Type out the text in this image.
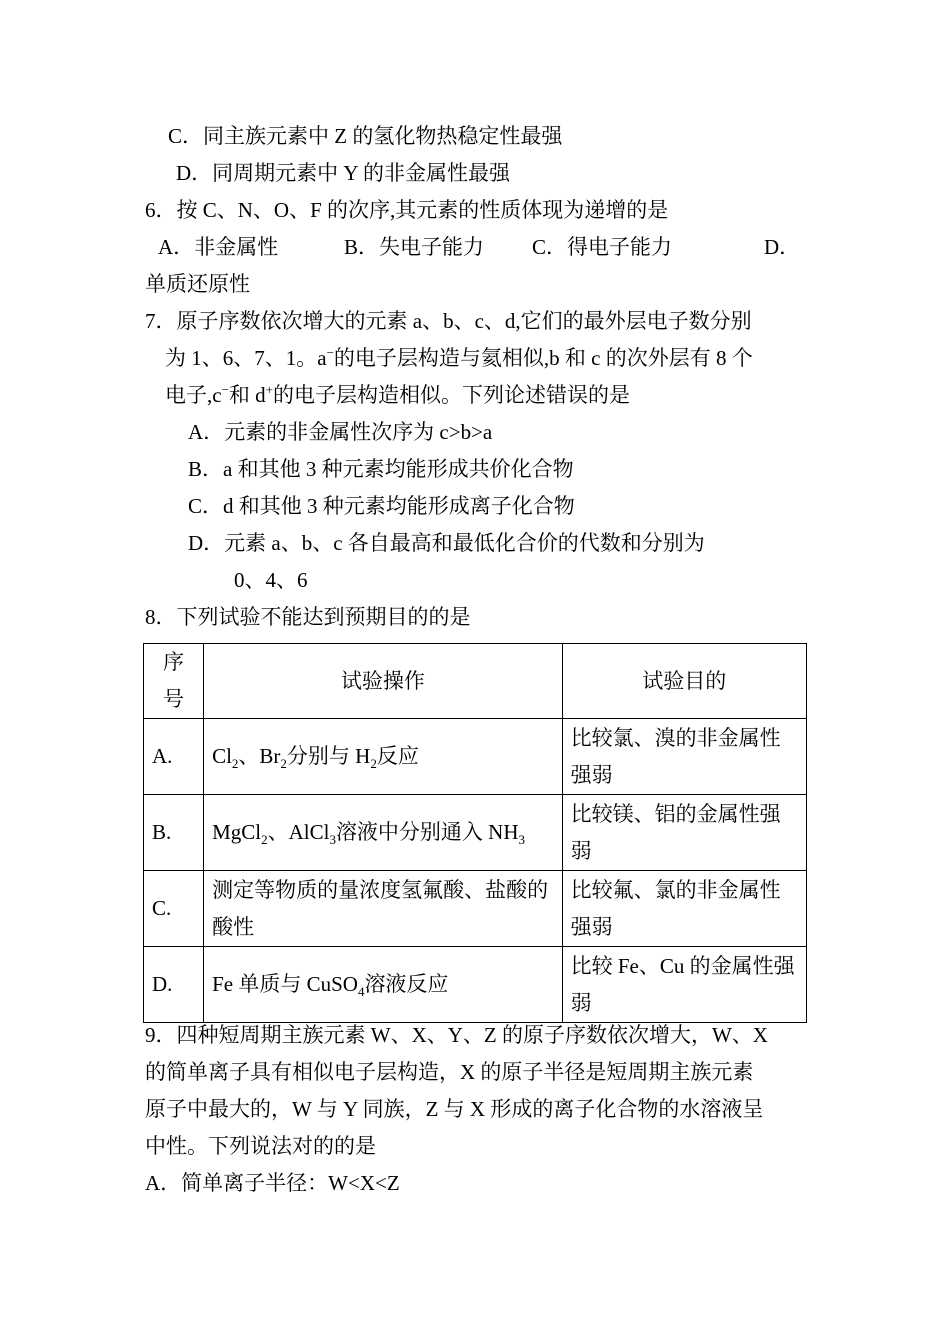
C．同主族元素中 Z 的氢化物热稳定性最强
D．同周期元素中 Y 的非金属性最强
6．按 C、N、O、F 的次序,其元素的性质体现为递增的是
A．非金属性	B．失电子能力 C．得电子能力	D．
单质还原性
7．原子序数依次增大的元素 a、b、c、d,它们的最外层电子数分别
为 1、6、7、1。a−的电子层构造与氦相似,b 和 c 的次外层有 8 个
电子,c−和 d+的电子层构造相似。下列论述错误的是
A．元素的非金属性次序为 c>b>a
B．a 和其他 3 种元素均能形成共价化合物
C．d 和其他 3 种元素均能形成离子化合物
D．元素 a、b、c 各自最高和最低化合价的代数和分别为
0、4、6
8．下列试验不能达到预期目的的是
序号	试验操作	试验目的
A.	$Cl_2$、$Br_2$分别与 $H_2$反应	比较氯、溴的非金属性强弱
B.	MgCl$_2$、AlCl$_3$溶液中分别通入 $NH_3$	比较镁、铝的金属性强弱
C.	测定等物质的量浓度氢氟酸、盐酸的酸性	比较氟、氯的非金属性强弱
D.	Fe 单质与 CuSO$_4$溶液反应	比较 Fe、Cu 的金属性强弱
9．四种短周期主族元素 W、X、Y、Z 的原子序数依次增大，W、X
的简单离子具有相似电子层构造，X 的原子半径是短周期主族元素
原子中最大的，W 与 Y 同族，Z 与 X 形成的离子化合物的水溶液呈
中性。下列说法对的的是
A．简单离子半径：W<X<Z
